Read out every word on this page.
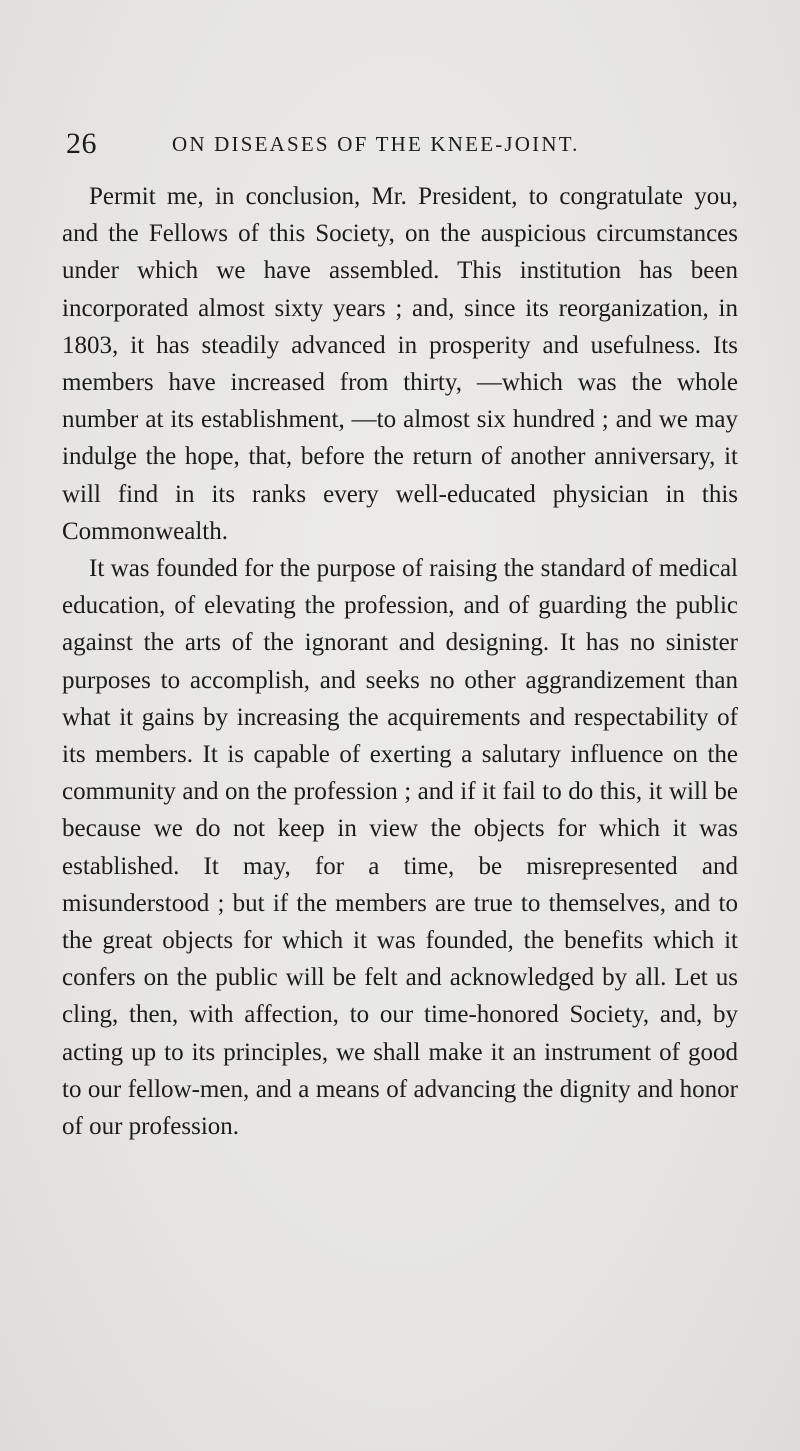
26	ON DISEASES OF THE KNEE-JOINT.

Permit me, in conclusion, Mr. President, to congratulate you, and the Fellows of this Society, on the auspicious circumstances under which we have assembled. This institution has been incorporated almost sixty years ; and, since its reorganization, in 1803, it has steadily advanced in prosperity and usefulness. Its members have increased from thirty, —which was the whole number at its establishment, —to almost six hundred ; and we may indulge the hope, that, before the return of another anniversary, it will find in its ranks every well-educated physician in this Commonwealth.

It was founded for the purpose of raising the standard of medical education, of elevating the profession, and of guarding the public against the arts of the ignorant and designing. It has no sinister purposes to accomplish, and seeks no other aggrandizement than what it gains by increasing the acquirements and respectability of its members. It is capable of exerting a salutary influence on the community and on the profession ; and if it fail to do this, it will be because we do not keep in view the objects for which it was established. It may, for a time, be misrepresented and misunderstood ; but if the members are true to themselves, and to the great objects for which it was founded, the benefits which it confers on the public will be felt and acknowledged by all. Let us cling, then, with affection, to our time-honored Society, and, by acting up to its principles, we shall make it an instrument of good to our fellow-men, and a means of advancing the dignity and honor of our profession.
